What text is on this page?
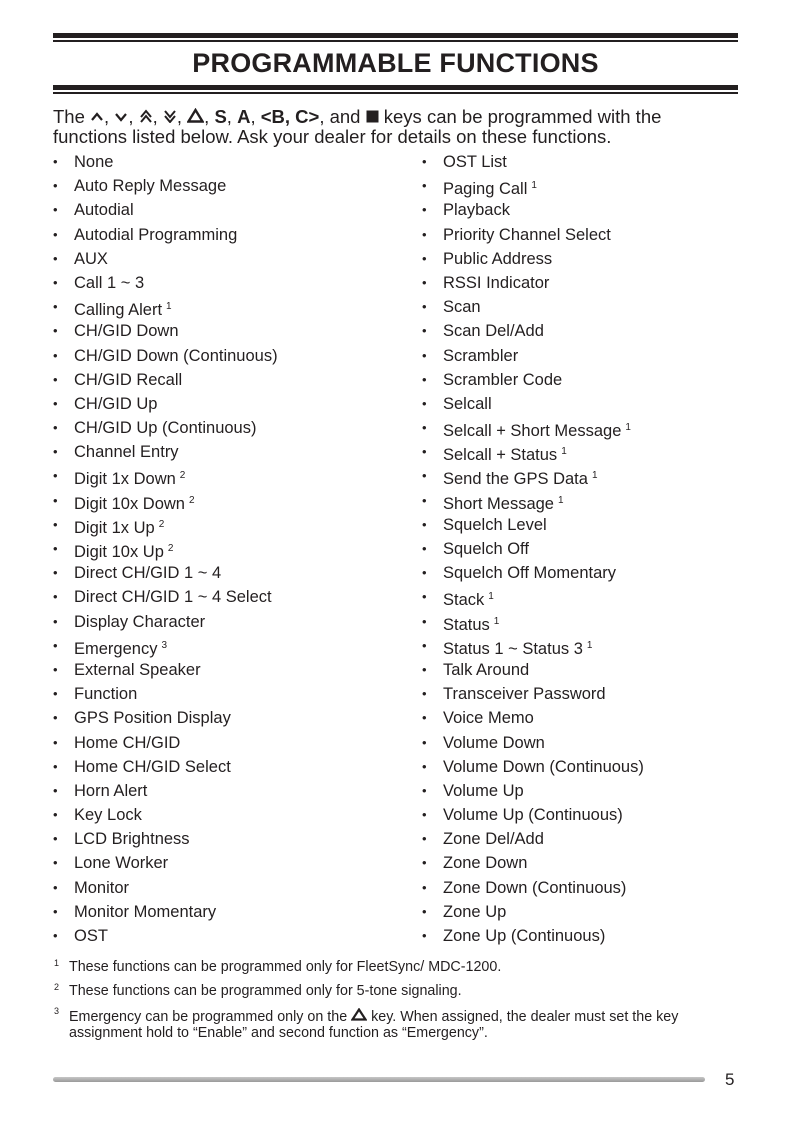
PROGRAMMABLE FUNCTIONS
The , , , , , S, A, <B, C>, and  keys can be programmed with the
functions listed below. Ask your dealer for details on these functions.
• None
• Auto Reply Message
• Autodial
• Autodial Programming
• AUX
• Call 1 ~ 3
• Calling Alert $^1$
• CH/GID Down
• CH/GID Down (Continuous)
• CH/GID Recall
• CH/GID Up
• CH/GID Up (Continuous)
• Channel Entry
• Digit 1x Down $^2$
• Digit 10x Down $^2$
• Digit 1x Up $^2$
• Digit 10x Up $^2$
• Direct CH/GID 1 ~ 4
• Direct CH/GID 1 ~ 4 Select
• Display Character
• Emergency $^3$
• External Speaker
• Function
• GPS Position Display
• Home CH/GID
• Home CH/GID Select
• Horn Alert
• Key Lock
• LCD Brightness
• Lone Worker
• Monitor
• Monitor Momentary
• OST
• OST List
• Paging Call $^1$
• Playback
• Priority Channel Select
• Public Address
• RSSI Indicator
• Scan
• Scan Del/Add
• Scrambler
• Scrambler Code
• Selcall
• Selcall + Short Message $^1$
• Selcall + Status $^1$
• Send the GPS Data $^1$
• Short Message $^1$
• Squelch Level
• Squelch Off
• Squelch Off Momentary
• Stack $^1$
• Status $^1$
• Status 1 ~ Status 3 $^1$
• Talk Around
• Transceiver Password
• Voice Memo
• Volume Down
• Volume Down (Continuous)
• Volume Up
• Volume Up (Continuous)
• Zone Del/Add
• Zone Down
• Zone Down (Continuous)
• Zone Up
• Zone Up (Continuous)
1 These functions can be programmed only for FleetSync/ MDC-1200.
2 These functions can be programmed only for 5-tone signaling.
3 Emergency can be programmed only on the  key. When assigned, the dealer must set the key
assignment hold to “Enable” and second function as “Emergency”.
5
